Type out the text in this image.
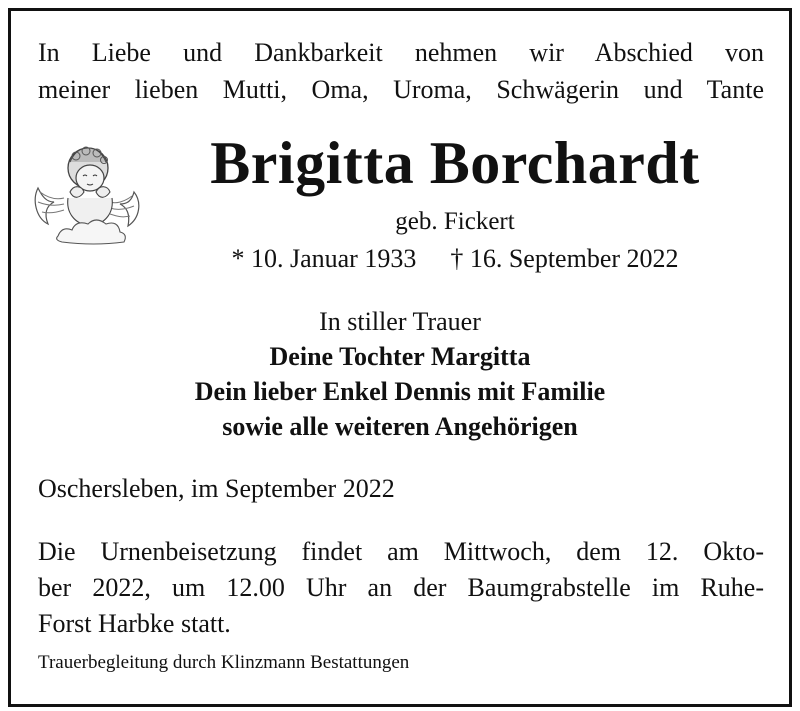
In Liebe und Dankbarkeit nehmen wir Abschied von
meiner lieben Mutti, Oma, Uroma, Schwägerin und Tante
Brigitta Borchardt
geb. Fickert
* 10. Januar 1933 † 16. September 2022
In stiller Trauer
Deine Tochter Margitta
Dein lieber Enkel Dennis mit Familie
sowie alle weiteren Angehörigen
Oschersleben, im September 2022
Die Urnenbeisetzung findet am Mittwoch, dem 12. Okto-
ber 2022, um 12.00 Uhr an der Baumgrabstelle im Ruhe-
Forst Harbke statt.
Trauerbegleitung durch Klinzmann Bestattungen
